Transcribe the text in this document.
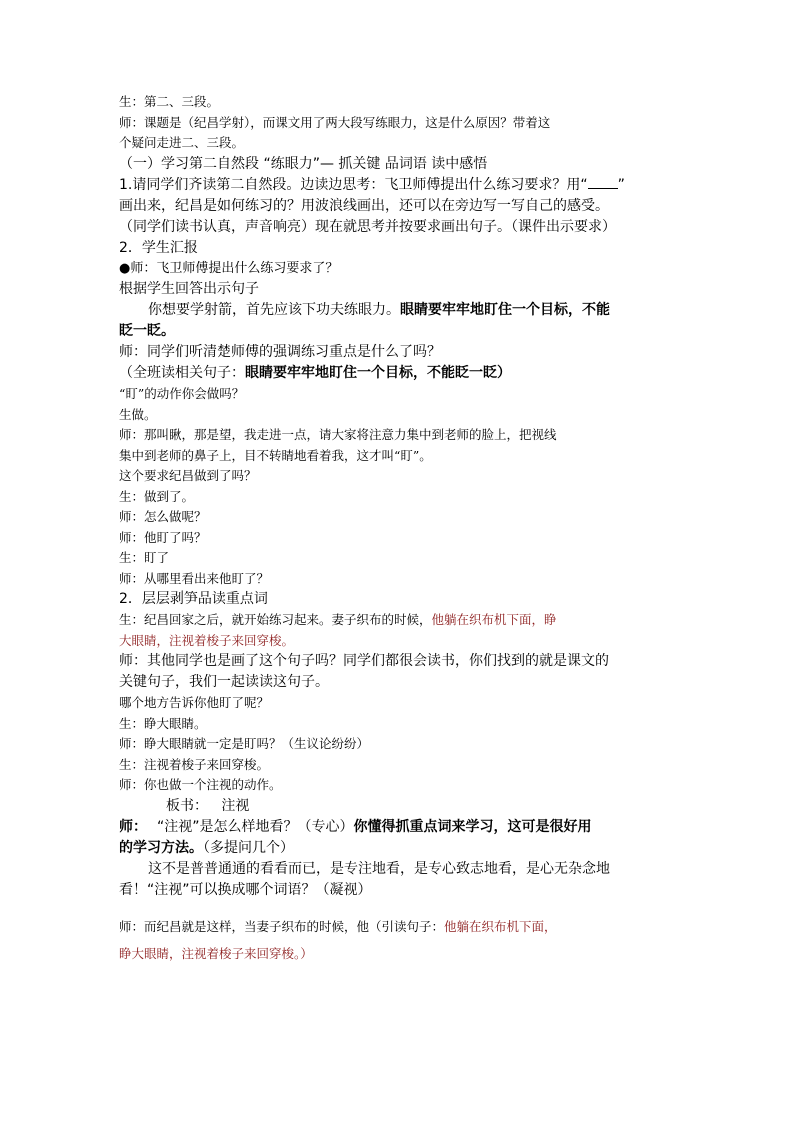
生：第二、三段。
师：课题是（纪昌学射），而课文用了两大段写练眼力，这是什么原因？带着这
个疑问走进二、三段。
（一）学习第二自然段 “练眼力”— 抓关键 品词语 读中感悟
1.请同学们齐读第二自然段。边读边思考：飞卫师傅提出什么练习要求？用“ ”
画出来，纪昌是如何练习的？用波浪线画出，还可以在旁边写一写自己的感受。
（同学们读书认真，声音响亮）现在就思考并按要求画出句子。（课件出示要求）
2．学生汇报
●师：飞卫师傅提出什么练习要求了？
根据学生回答出示句子
你想要学射箭，首先应该下功夫练眼力。眼睛要牢牢地盯住一个目标，不能
眨一眨。
师：同学们听清楚师傅的强调练习重点是什么了吗？
（全班读相关句子：眼睛要牢牢地盯住一个目标，不能眨一眨）
“盯”的动作你会做吗？
生做。
师：那叫瞅，那是望，我走进一点，请大家将注意力集中到老师的脸上，把视线
集中到老师的鼻子上，目不转睛地看着我，这才叫“盯”。
这个要求纪昌做到了吗？
生：做到了。
师：怎么做呢？
师：他盯了吗？
生：盯了
师：从哪里看出来他盯了？
2．层层剥笋品读重点词
生：纪昌回家之后，就开始练习起来。妻子织布的时候，他躺在织布机下面，睁
大眼睛，注视着梭子来回穿梭。
师：其他同学也是画了这个句子吗？同学们都很会读书，你们找到的就是课文的
关键句子，我们一起读读这句子。
哪个地方告诉你他盯了呢？
生：睁大眼睛。
师：睁大眼睛就一定是盯吗？（生议论纷纷）
生：注视着梭子来回穿梭。
师：你也做一个注视的动作。
板书：   注视
师： “注视”是怎么样地看？（专心）你懂得抓重点词来学习，这可是很好用
的学习方法。（多提问几个）
这不是普普通通的看看而已，是专注地看，是专心致志地看，是心无杂念地
看！“注视”可以换成哪个词语？（凝视）
师：而纪昌就是这样，当妻子织布的时候，他（引读句子：他躺在织布机下面，
睁大眼睛，注视着梭子来回穿梭。）
